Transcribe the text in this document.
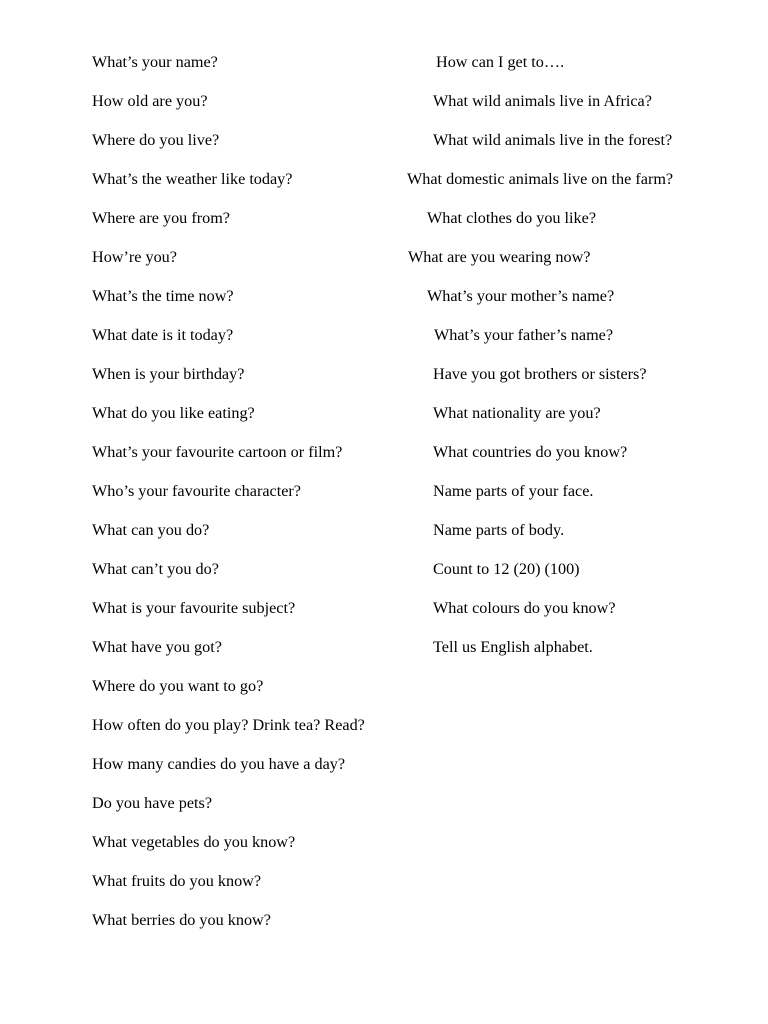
What’s your name?
How old are you?
Where do you live?
What’s the weather like today?
Where are you from?
How’re you?
What’s the time now?
What date is it today?
When is your birthday?
What do you like eating?
What’s your favourite cartoon or film?
Who’s your favourite character?
What can you do?
What can’t you do?
What is your favourite subject?
What have you got?
Where do you want to go?
How often do you play? Drink tea? Read?
How many candies do you have a day?
Do you have pets?
What vegetables do you know?
What fruits do you know?
What berries do you know?
How can I get to….
What wild animals live in Africa?
What wild animals live in the forest?
What domestic animals live on the farm?
What clothes do you like?
What are you wearing now?
What’s your mother’s name?
What’s your father’s name?
Have you got brothers or sisters?
What nationality are you?
What countries do you know?
Name parts of your face.
Name parts of body.
Count to 12 (20) (100)
What colours do you know?
Tell us English alphabet.
